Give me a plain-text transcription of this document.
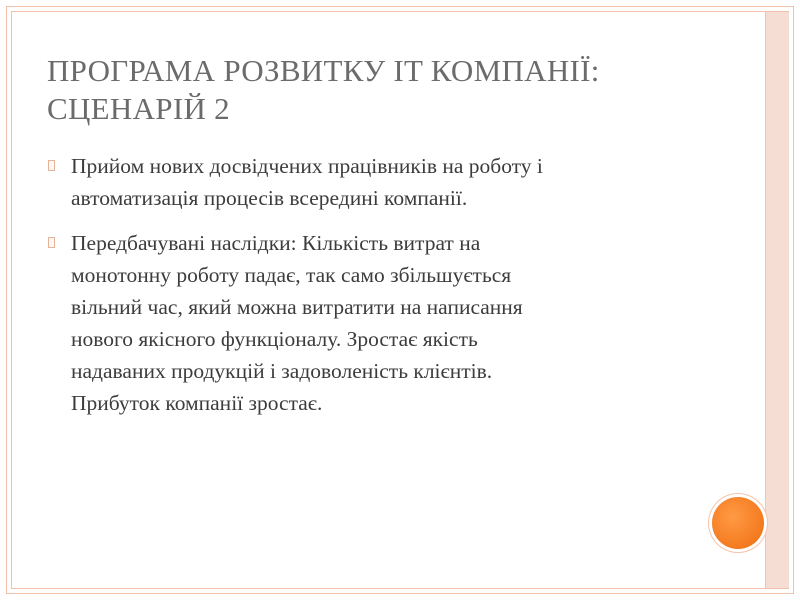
ПРОГРАМА РОЗВИТКУ IT КОМПАНІЇ:
СЦЕНАРІЙ 2
Прийом нових досвідчених працівників на роботу і
автоматизація процесів всередині компанії.
Передбачувані наслідки: Кількість витрат на
монотонну роботу падає, так само збільшується
вільний час, який можна витратити на написання
нового якісного функціоналу. Зростає якість
надаваних продукцій і задоволеність клієнтів.
Прибуток компанії зростає.
